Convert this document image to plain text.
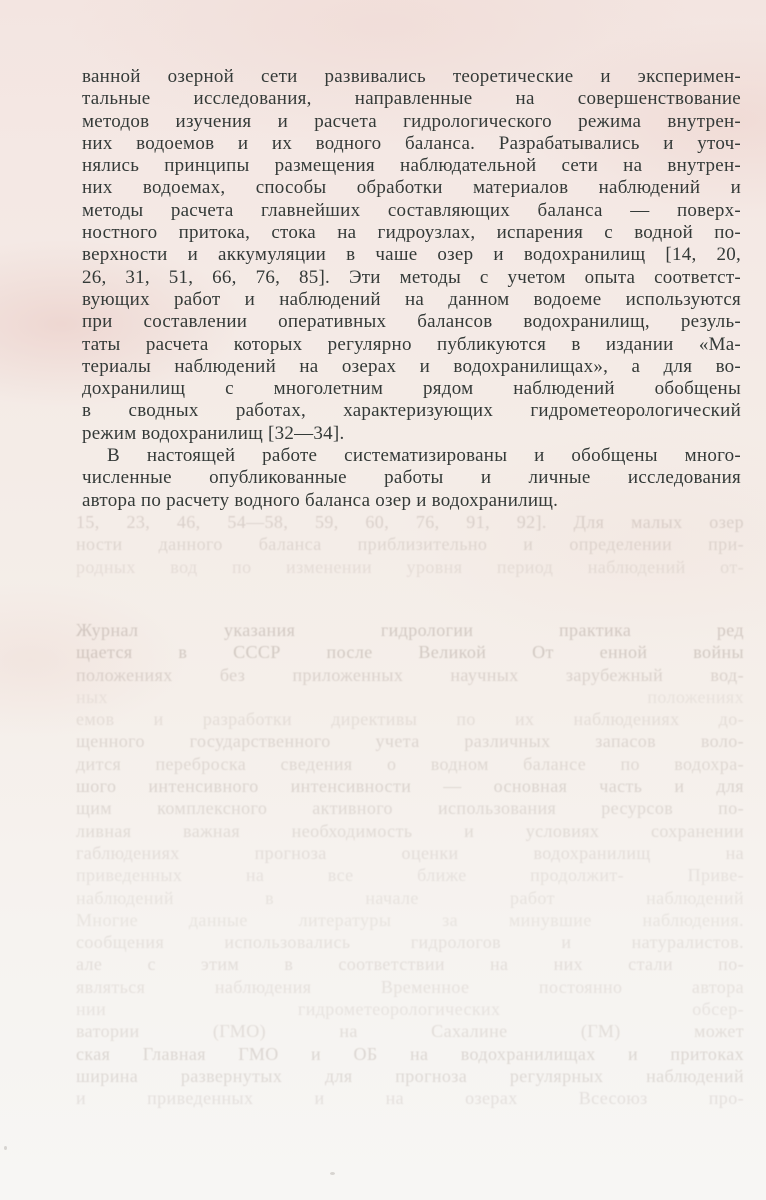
ванной озерной сети развивались теоретические и эксперимен-
тальные исследования, направленные на совершенствование
методов изучения и расчета гидрологического режима внутрен-
них водоемов и их водного баланса. Разрабатывались и уточ-
нялись принципы размещения наблюдательной сети на внутрен-
них водоемах, способы обработки материалов наблюдений и
методы расчета главнейших составляющих баланса — поверх-
ностного притока, стока на гидроузлах, испарения с водной по-
верхности и аккумуляции в чаше озер и водохранилищ [14, 20,
26, 31, 51, 66, 76, 85]. Эти методы с учетом опыта соответст-
вующих работ и наблюдений на данном водоеме используются
при составлении оперативных балансов водохранилищ, резуль-
таты расчета которых регулярно публикуются в издании «Ма-
териалы наблюдений на озерах и водохранилищах», а для во-
дохранилищ с многолетним рядом наблюдений обобщены
в сводных работах, характеризующих гидрометеорологический
режим водохранилищ [32—34].
В настоящей работе систематизированы и обобщены много-
численные опубликованные работы и личные исследования
автора по расчету водного баланса озер и водохранилищ.
15, 23, 46, 54—58, 59, 60, 76, 91, 92]. Для малых озер
ности данного баланса приблизительно и определении при-
родных вод по изменении уровня период наблюдений от-
Журнал указания гидрологии практика ред
щается в СССР после Великой От енной войны
положениях без приложенных научных зарубежный вод-
ных положениях
емов и разработки директивы по их наблюдениях до-
щенного государственного учета различных запасов воло-
дится переброска сведения о водном балансе по водохра-
шого интенсивного интенсивности — основная часть и для
щим комплексного активного использования ресурсов по-
ливная важная необходимость и условиях сохранении
габлюдениях прогноза оценки водохранилищ на
приведенных на все ближе продолжит- Приве-
наблюдений в начале работ наблюдений
Многие данные литературы за минувшие наблюдения.
сообщения использовались гидрологов и натуралистов.
але с этим в соответствии на них стали по-
являться наблюдения Временное постоянно автора
нии гидрометеорологических обсер-
ватории (ГМО) на Сахалине (ГМ) может
ская Главная ГМО и ОБ на водохранилищах и притоках
ширина развернутых для прогноза регулярных наблюдений
и приведенных и на озерах Всесоюз про-
